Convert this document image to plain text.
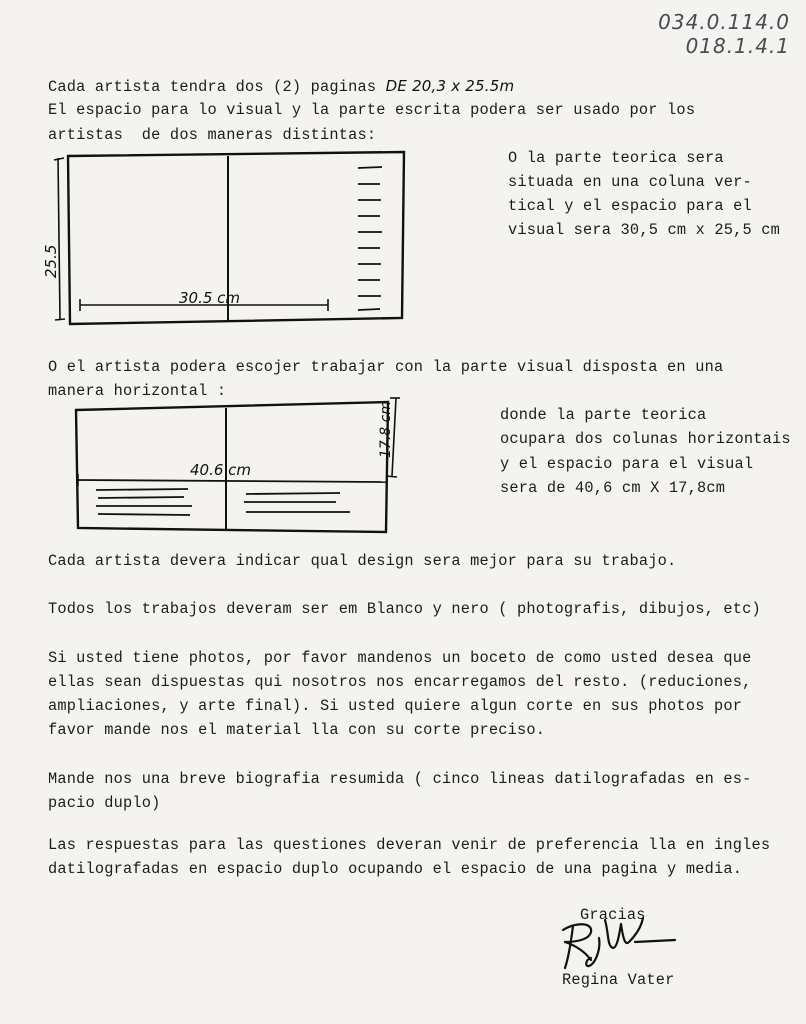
034.0.114.0
018.1.4.1
Cada artista tendra dos (2) paginas DE 20,3 x 25.5m
El espacio para lo visual y la parte escrita podera ser usado por los
artistas  de dos maneras distintas:
30.5 cm
25.5
O la parte teorica sera
situada en una coluna ver-
tical y el espacio para el
visual sera 30,5 cm x 25,5 cm
O el artista podera escojer trabajar con la parte visual disposta en una
manera horizontal :
40.6 cm
17.8 cm	donde la parte teorica
ocupara dos colunas horizontais
y el espacio para el visual
sera de 40,6 cm X 17,8cm
Cada artista devera indicar qual design sera mejor para su trabajo.
Todos los trabajos deveram ser em Blanco y nero ( photografis, dibujos, etc)
Si usted tiene photos, por favor mandenos un boceto de como usted desea que
ellas sean dispuestas qui nosotros nos encarregamos del resto. (reduciones,
ampliaciones, y arte final). Si usted quiere algun corte en sus photos por
favor mande nos el material lla con su corte preciso.
Mande nos una breve biografia resumida ( cinco lineas datilografadas en es-
pacio duplo)
Las respuestas para las questiones deveran venir de preferencia lla en ingles
datilografadas en espacio duplo ocupando el espacio de una pagina y media.
Gracias
Regina Vater
